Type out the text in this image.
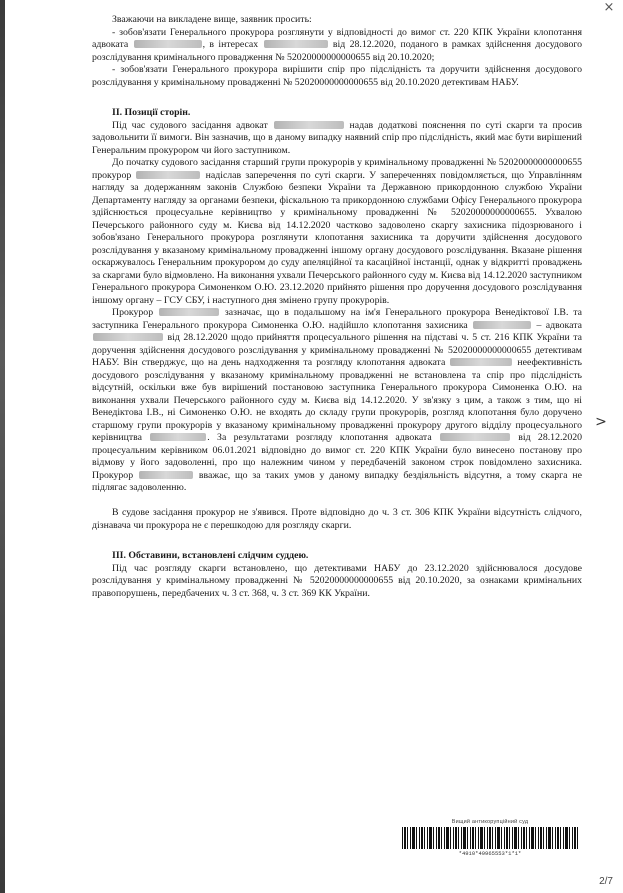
×
>

Зважаючи на викладене вище, заявник просить:

- зобов'язати Генерального прокурора розглянути у відповідності до вимог ст. 220 КПК України клопотання адвоката	, в інтересах	від 28.12.2020, поданого в рамках здійснення досудового розслідування кримінального провадження № 52020000000000655 від 20.10.2020;

- зобов'язати Генерального прокурора вирішити спір про підслідність та доручити здійснення досудового розслідування у кримінальному провадженні № 52020000000000655 від 20.10.2020 детективам НАБУ.

II. Позиції сторін.

Під час судового засідання адвокат	надав додаткові пояснення по суті скарги та просив задовольнити її вимоги. Він зазначив, що в даному випадку наявний спір про підслідність, який має бути вирішений Генеральним прокурором чи його заступником.

До початку судового засідання старший групи прокурорів у кримінальному провадженні № 52020000000000655 прокурор	надіслав заперечення по суті скарги. У запереченнях повідомляється, що Управлінням нагляду за додержанням законів Службою безпеки України та Державною прикордонною службою України Департаменту нагляду за органами безпеки, фіскальною та прикордонною службами Офісу Генерального прокурора здійснюється процесуальне керівництво у кримінальному провадженні № 52020000000000655. Ухвалою Печерського районного суду м. Києва від 14.12.2020 частково задоволено скаргу захисника підозрюваного і зобов'язано Генерального прокурора розглянути клопотання захисника та доручити здійснення досудового розслідування у вказаному кримінальному провадженні іншому органу досудового розслідування. Вказане рішення оскаржувалось Генеральним прокурором до суду апеляційної та касаційної інстанції, однак у відкритті проваджень за скаргами було відмовлено. На виконання ухвали Печерського районного суду м. Києва від 14.12.2020 заступником Генерального прокурора Симоненком О.Ю. 23.12.2020 прийнято рішення про доручення досудового розслідування іншому органу – ГСУ СБУ, і наступного дня змінено групу прокурорів.

Прокурор	зазначає, що в подальшому на ім'я Генерального прокурора Венедіктової І.В. та заступника Генерального прокурора Симоненка О.Ю. надійшло клопотання захисника	– адвоката  від 28.12.2020 щодо прийняття процесуального рішення на підставі ч. 5 ст. 216 КПК України та доручення здійснення досудового розслідування у кримінальному провадженні № 52020000000000655 детективам НАБУ. Він стверджує, що на день надходження та розгляду клопотання адвоката	неефективність досудового розслідування у вказаному кримінальному провадженні не встановлена та спір про підслідність відсутній, оскільки вже був вирішений постановою заступника Генерального прокурора Симоненка О.Ю. на виконання ухвали Печерського районного суду м. Києва від 14.12.2020. У зв'язку з цим, а також з тим, що ні Венедіктова І.В., ні Симоненко О.Ю. не входять до складу групи прокурорів, розгляд клопотання було доручено старшому групи прокурорів у вказаному кримінальному провадженні прокурору другого відділу процесуального керівництва	. За результатами розгляду клопотання адвоката	від 28.12.2020 процесуальним керівником 06.01.2021 відповідно до вимог ст. 220 КПК України було винесено постанову про відмову у його задоволенні, про що належним чином у передбаченій законом строк повідомлено захисника. Прокурор	вважає, що за таких умов у даному випадку бездіяльність відсутня, а тому скарга не підлягає задоволенню.

В судове засідання прокурор не з'явився. Проте відповідно до ч. 3 ст. 306 КПК України відсутність слідчого, дізнавача чи прокурора не є перешкодою для розгляду скарги.

III. Обставини, встановлені слідчим суддею.

Під час розгляду скарги встановлено, що детективами НАБУ до 23.12.2020 здійснювалося досудове розслідування у кримінальному провадженні № 52020000000000655 від 20.10.2020, за ознаками кримінальних правопорушень, передбачених ч. 3 ст. 368, ч. 3 ст. 369 КК України.

Вищий антикорупційний суд
*4910*49965553*1*1*
2/7
